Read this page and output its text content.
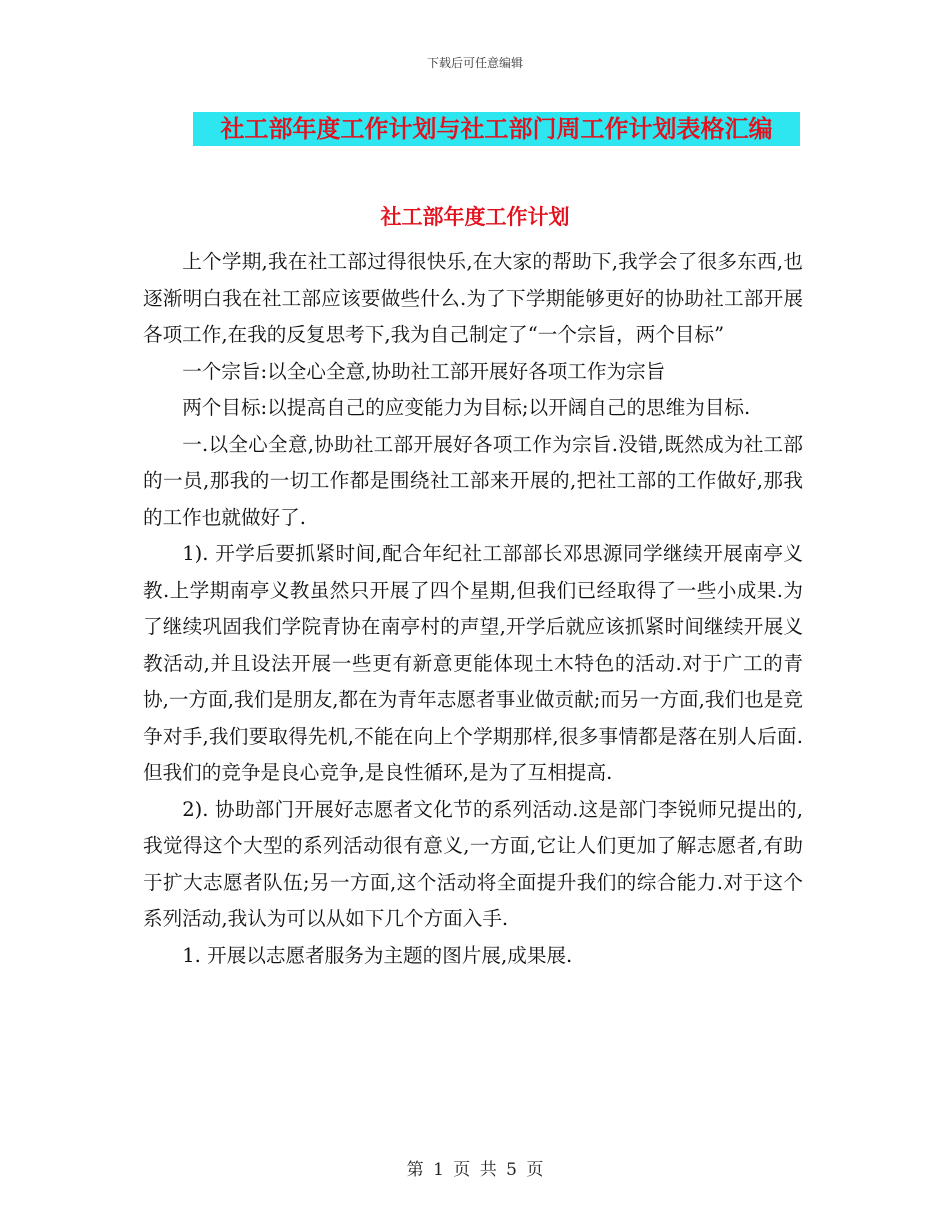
下载后可任意编辑
社工部年度工作计划与社工部门周工作计划表格汇编
社工部年度工作计划

上个学期,我在社工部过得很快乐,在大家的帮助下,我学会了很多东西,也逐渐明白我在社工部应该要做些什么.为了下学期能够更好的协助社工部开展各项工作,在我的反复思考下,我为自己制定了“一个宗旨，两个目标”

一个宗旨:以全心全意,协助社工部开展好各项工作为宗旨

两个目标:以提高自己的应变能力为目标;以开阔自己的思维为目标.

一.以全心全意,协助社工部开展好各项工作为宗旨.没错,既然成为社工部的一员,那我的一切工作都是围绕社工部来开展的,把社工部的工作做好,那我的工作也就做好了.

1). 开学后要抓紧时间,配合年纪社工部部长邓思源同学继续开展南亭义教.上学期南亭义教虽然只开展了四个星期,但我们已经取得了一些小成果.为了继续巩固我们学院青协在南亭村的声望,开学后就应该抓紧时间继续开展义教活动,并且设法开展一些更有新意更能体现土木特色的活动.对于广工的青协,一方面,我们是朋友,都在为青年志愿者事业做贡献;而另一方面,我们也是竞争对手,我们要取得先机,不能在向上个学期那样,很多事情都是落在别人后面.但我们的竞争是良心竞争,是良性循环,是为了互相提高.

2). 协助部门开展好志愿者文化节的系列活动.这是部门李锐师兄提出的,我觉得这个大型的系列活动很有意义,一方面,它让人们更加了解志愿者,有助于扩大志愿者队伍;另一方面,这个活动将全面提升我们的综合能力.对于这个系列活动,我认为可以从如下几个方面入手.

1. 开展以志愿者服务为主题的图片展,成果展.

第 1 页 共 5 页
